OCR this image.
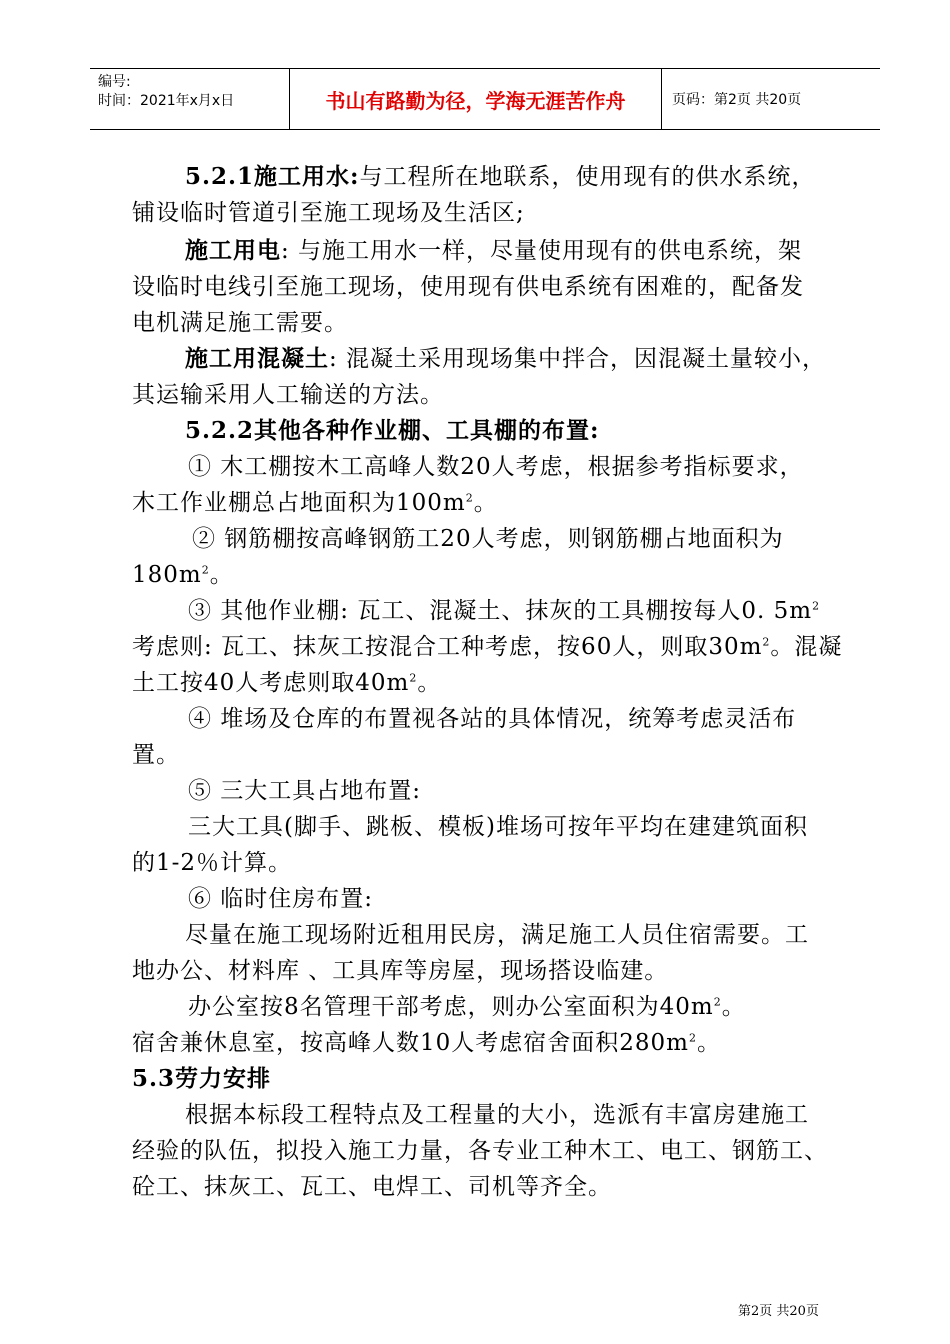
编号:
时间：2021年x月x日	书山有路勤为径，学海无涯苦作舟	页码：第2页 共20页
5.2.1施工用水:与工程所在地联系，使用现有的供水系统，
铺设临时管道引至施工现场及生活区;
施工用电: 与施工用水一样，尽量使用现有的供电系统，架
设临时电线引至施工现场，使用现有供电系统有困难的，配备发
电机满足施工需要。
施工用混凝土: 混凝土采用现场集中拌合，因混凝土量较小，
其运输采用人工输送的方法。
5.2.2其他各种作业棚、工具棚的布置:
① 木工棚按木工高峰人数20人考虑，根据参考指标要求，
木工作业棚总占地面积为$100m^2$。
② 钢筋棚按高峰钢筋工20人考虑，则钢筋棚占地面积为
$180m^2$。
③ 其他作业棚: 瓦工、混凝土、抹灰的工具棚按每人0. $5m^2$
考虑则: 瓦工、抹灰工按混合工种考虑，按60人，则取$30m^2$。混凝
土工按40人考虑则取$40m^2$。
④ 堆场及仓库的布置视各站的具体情况，统筹考虑灵活布
置。
⑤ 三大工具占地布置:
三大工具(脚手、跳板、模板)堆场可按年平均在建建筑面积
的1-2％计算。
⑥ 临时住房布置:
尽量在施工现场附近租用民房，满足施工人员住宿需要。工
地办公、材料库 、工具库等房屋，现场搭设临建。
办公室按8名管理干部考虑，则办公室面积为$40m^2$。
宿舍兼休息室，按高峰人数10人考虑宿舍面积$280m^2$。
5.3劳力安排
根据本标段工程特点及工程量的大小，选派有丰富房建施工
经验的队伍，拟投入施工力量，各专业工种木工、电工、钢筋工、
砼工、抹灰工、瓦工、电焊工、司机等齐全。
第2页 共20页
